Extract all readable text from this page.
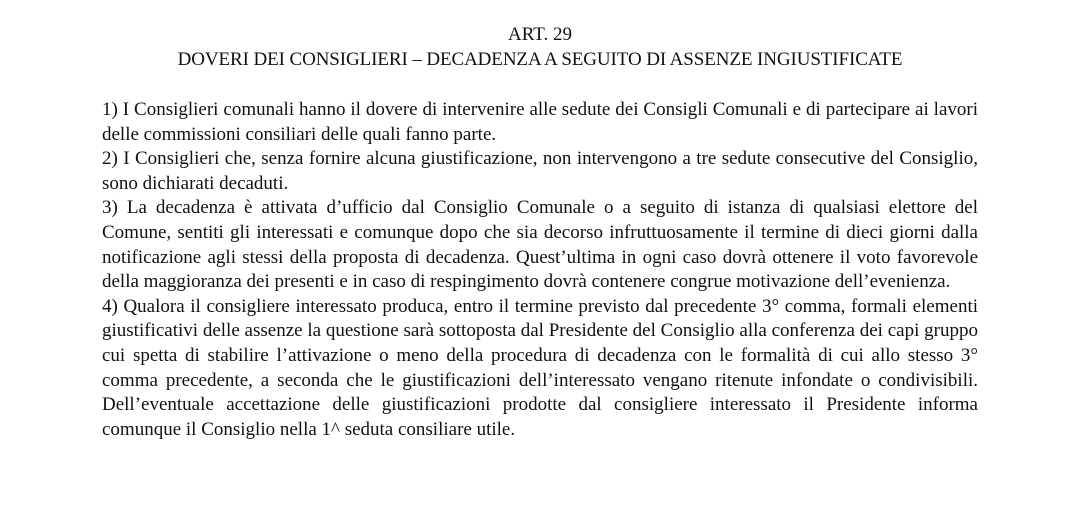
ART. 29

DOVERI DEI CONSIGLIERI – DECADENZA A SEGUITO DI ASSENZE INGIUSTIFICATE

1) I Consiglieri comunali hanno il dovere di intervenire alle sedute dei Consigli Comunali e di partecipare ai lavori delle commissioni consiliari delle quali fanno parte.

2) I Consiglieri che, senza fornire alcuna giustificazione, non intervengono a tre sedute consecutive del Consiglio, sono dichiarati decaduti.

3) La decadenza è attivata d’ufficio dal Consiglio Comunale o a seguito di istanza di qualsiasi elettore del Comune, sentiti gli interessati e comunque dopo che sia decorso infruttuosamente il termine di dieci giorni dalla notificazione agli stessi della proposta di decadenza. Quest’ultima in ogni caso dovrà ottenere il voto favorevole della maggioranza dei presenti e in caso di respingimento dovrà contenere congrue motivazione dell’evenienza.

4) Qualora il consigliere interessato produca, entro il termine previsto dal precedente 3° comma, formali elementi giustificativi delle assenze la questione sarà sottoposta dal Presidente del Consiglio alla conferenza dei capi gruppo cui spetta di stabilire l’attivazione o meno della procedura di decadenza con le formalità di cui allo stesso 3° comma precedente, a seconda che le giustificazioni dell’interessato vengano ritenute infondate o condivisibili. Dell’eventuale accettazione delle giustificazioni prodotte dal consigliere interessato il Presidente informa comunque il Consiglio nella 1^ seduta consiliare utile.
